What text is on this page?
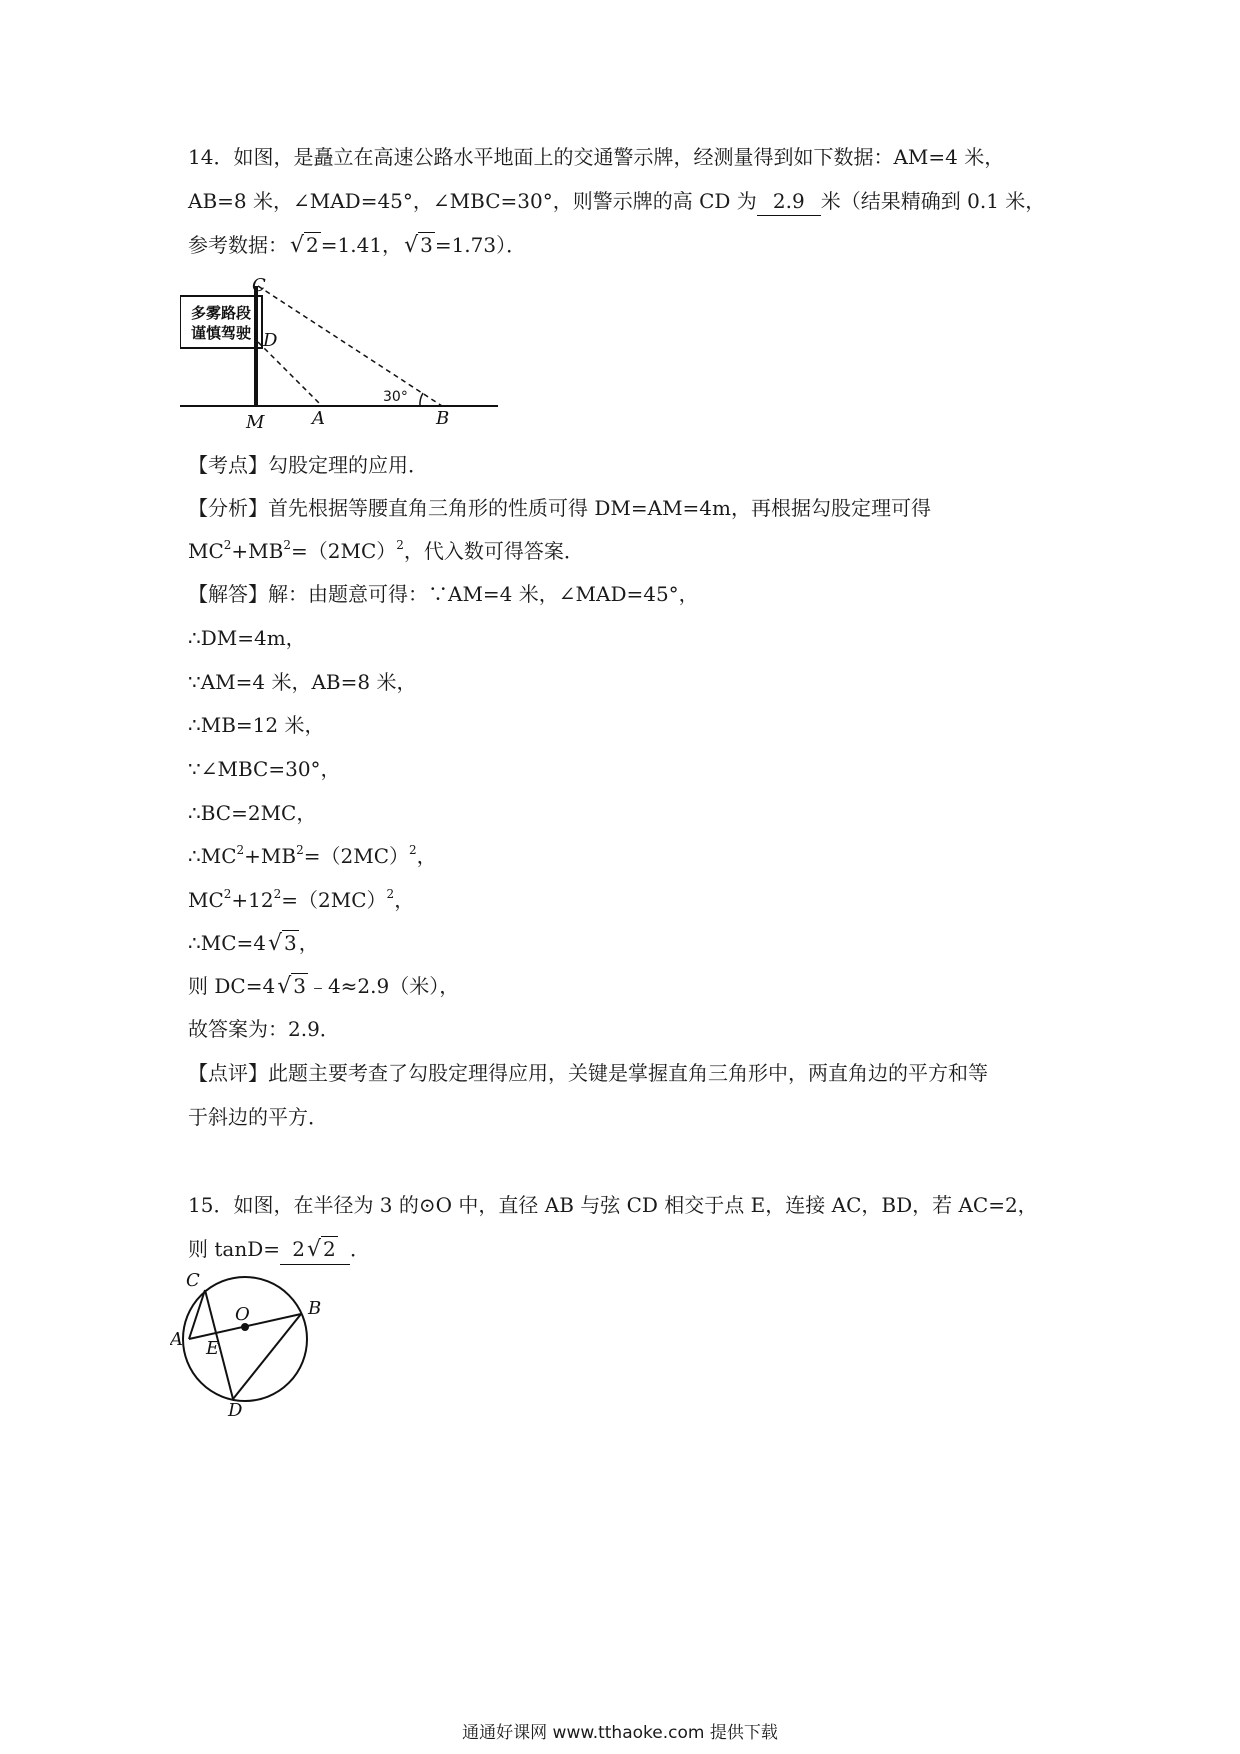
14．如图，是矗立在高速公路水平地面上的交通警示牌，经测量得到如下数据：AM=4 米，
AB=8 米，∠MAD=45°，∠MBC=30°，则警示牌的高 CD 为 2.9 米（结果精确到 0.1 米，
参考数据：√ 2 =1.41，√ 3 =1.73）．
多雾路段
谨慎驾驶
C
D
M	A	B
30°
【考点】勾股定理的应用．
【分析】首先根据等腰直角三角形的性质可得 DM=AM=4m，再根据勾股定理可得
$MC^2+MB^2=(2MC)^2$，代入数可得答案．
【解答】解：由题意可得：∵AM=4 米，∠MAD=45°，
∴DM=4m，
∵AM=4 米，AB=8 米，
∴MB=12 米，
∵∠MBC=30°，
∴BC=2MC，
$\therefore MC^2+MB^2=(2MC)^2$，
$MC^2+12^2=(2MC)^2$，
∴MC=4√ 3 ，
则 DC=4√ 3 ﹣4≈2.9（米），
故答案为：2.9．
【点评】此题主要考查了勾股定理得应用，关键是掌握直角三角形中，两直角边的平方和等
于斜边的平方．
15．如图，在半径为 3 的⊙O 中，直径 AB 与弦 CD 相交于点 E，连接 AC，BD，若 AC=2，
则 tanD= 2√ 2 ．
C
O	B
A E
D
通通好课网 www.tthaoke.com 提供下载
